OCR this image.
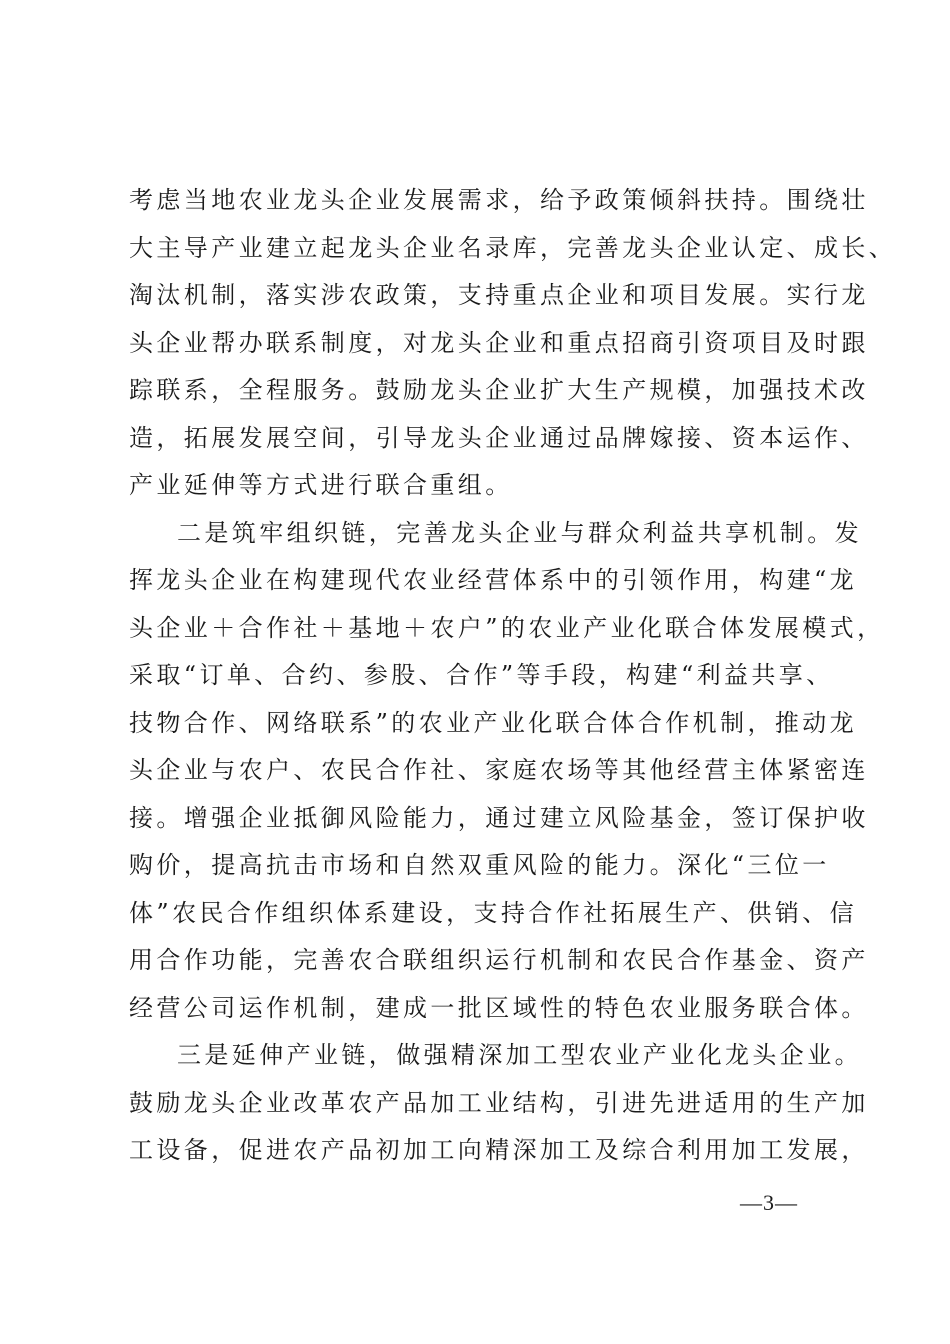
考虑当地农业龙头企业发展需求，给予政策倾斜扶持。围绕壮
大主导产业建立起龙头企业名录库，完善龙头企业认定、成长、
淘汰机制，落实涉农政策，支持重点企业和项目发展。实行龙
头企业帮办联系制度，对龙头企业和重点招商引资项目及时跟
踪联系，全程服务。鼓励龙头企业扩大生产规模，加强技术改
造，拓展发展空间，引导龙头企业通过品牌嫁接、资本运作、
产业延伸等方式进行联合重组。
二是筑牢组织链，完善龙头企业与群众利益共享机制。发
挥龙头企业在构建现代农业经营体系中的引领作用，构建“龙
头企业＋合作社＋基地＋农户”的农业产业化联合体发展模式，
采取“订单、合约、参股、合作”等手段，构建“利益共享、
技物合作、网络联系”的农业产业化联合体合作机制，推动龙
头企业与农户、农民合作社、家庭农场等其他经营主体紧密连
接。增强企业抵御风险能力，通过建立风险基金，签订保护收
购价，提高抗击市场和自然双重风险的能力。深化“三位一
体”农民合作组织体系建设，支持合作社拓展生产、供销、信
用合作功能，完善农合联组织运行机制和农民合作基金、资产
经营公司运作机制，建成一批区域性的特色农业服务联合体。
三是延伸产业链，做强精深加工型农业产业化龙头企业。
鼓励龙头企业改革农产品加工业结构，引进先进适用的生产加
工设备，促进农产品初加工向精深加工及综合利用加工发展，
—3—
